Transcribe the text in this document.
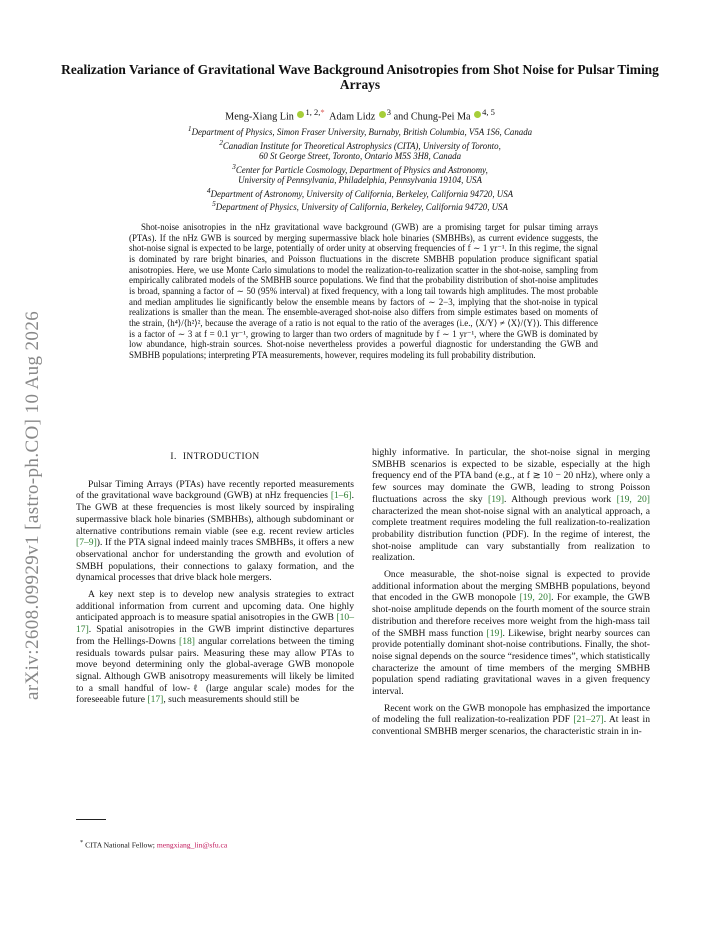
arXiv:2608.09929v1 [astro-ph.CO] 10 Aug 2026
Realization Variance of Gravitational Wave Background Anisotropies from Shot Noise for Pulsar Timing Arrays
Meng-Xiang Lin $^{1, 2,*}$ Adam Lidz $^3$ and Chung-Pei Ma $^{4, 5}$
$^1$Department of Physics, Simon Fraser University, Burnaby, British Columbia, V5A 1S6, Canada
$^2$Canadian Institute for Theoretical Astrophysics (CITA), University of Toronto,
60 St George Street, Toronto, Ontario M5S 3H8, Canada
$^3$Center for Particle Cosmology, Department of Physics and Astronomy,
University of Pennsylvania, Philadelphia, Pennsylvania 19104, USA
$^4$Department of Astronomy, University of California, Berkeley, California 94720, USA
$^5$Department of Physics, University of California, Berkeley, California 94720, USA

Shot-noise anisotropies in the nHz gravitational wave background (GWB) are a promising target for pulsar timing arrays (PTAs). If the nHz GWB is sourced by merging supermassive black hole binaries (SMBHBs), as current evidence suggests, the shot-noise signal is expected to be large, potentially of order unity at observing frequencies of f ∼ 1 yr⁻¹. In this regime, the signal is dominated by rare bright binaries, and Poisson fluctuations in the discrete SMBHB population produce significant spatial anisotropies. Here, we use Monte Carlo simulations to model the realization-to-realization scatter in the shot-noise, sampling from empirically calibrated models of the SMBHB source populations. We find that the probability distribution of shot-noise amplitudes is broad, spanning a factor of ∼ 50 (95% interval) at fixed frequency, with a long tail towards high amplitudes. The most probable and median amplitudes lie significantly below the ensemble means by factors of ∼ 2−3, implying that the shot-noise in typical realizations is smaller than the mean. The ensemble-averaged shot-noise also differs from simple estimates based on moments of the strain, ⟨h⁴⟩/⟨h²⟩², because the average of a ratio is not equal to the ratio of the averages (i.e., ⟨X/Y⟩ ≠ ⟨X⟩/⟨Y⟩). This difference is a factor of ∼ 3 at f = 0.1 yr⁻¹, growing to larger than two orders of magnitude by f ∼ 1 yr⁻¹, where the GWB is dominated by low abundance, high-strain sources. Shot-noise nevertheless provides a powerful diagnostic for understanding the GWB and SMBHB populations; interpreting PTA measurements, however, requires modeling its full probability distribution.

I. INTRODUCTION

Pulsar Timing Arrays (PTAs) have recently reported measurements of the gravitational wave background (GWB) at nHz frequencies [1–6]. The GWB at these frequencies is most likely sourced by inspiraling supermassive black hole binaries (SMBHBs), although subdominant or alternative contributions remain viable (see e.g. recent review articles [7–9]). If the PTA signal indeed mainly traces SMBHBs, it offers a new observational anchor for understanding the growth and evolution of SMBH populations, their connections to galaxy formation, and the dynamical processes that drive black hole mergers.

A key next step is to develop new analysis strategies to extract additional information from current and upcoming data. One highly anticipated approach is to measure spatial anisotropies in the GWB [10–17]. Spatial anisotropies in the GWB imprint distinctive departures from the Hellings-Downs [18] angular correlations between the timing residuals towards pulsar pairs. Measuring these may allow PTAs to move beyond determining only the global-average GWB monopole signal. Although GWB anisotropy measurements will likely be limited to a small handful of low-ℓ (large angular scale) modes for the foreseeable future [17], such measurements should still be

highly informative. In particular, the shot-noise signal in merging SMBHB scenarios is expected to be sizable, especially at the high frequency end of the PTA band (e.g., at f ≳ 10 − 20 nHz), where only a few sources may dominate the GWB, leading to strong Poisson fluctuations across the sky [19]. Although previous work [19, 20] characterized the mean shot-noise signal with an analytical approach, a complete treatment requires modeling the full realization-to-realization probability distribution function (PDF). In the regime of interest, the shot-noise amplitude can vary substantially from realization to realization.

Once measurable, the shot-noise signal is expected to provide additional information about the merging SMBHB populations, beyond that encoded in the GWB monopole [19, 20]. For example, the GWB shot-noise amplitude depends on the fourth moment of the source strain distribution and therefore receives more weight from the high-mass tail of the SMBH mass function [19]. Likewise, bright nearby sources can provide potentially dominant shot-noise contributions. Finally, the shot-noise signal depends on the source “residence times”, which statistically characterize the amount of time members of the merging SMBHB population spend radiating gravitational waves in a given frequency interval.

Recent work on the GWB monopole has emphasized the importance of modeling the full realization-to-realization PDF [21–27]. At least in conventional SMBHB merger scenarios, the characteristic strain in in-

* CITA National Fellow; mengxiang_lin@sfu.ca
